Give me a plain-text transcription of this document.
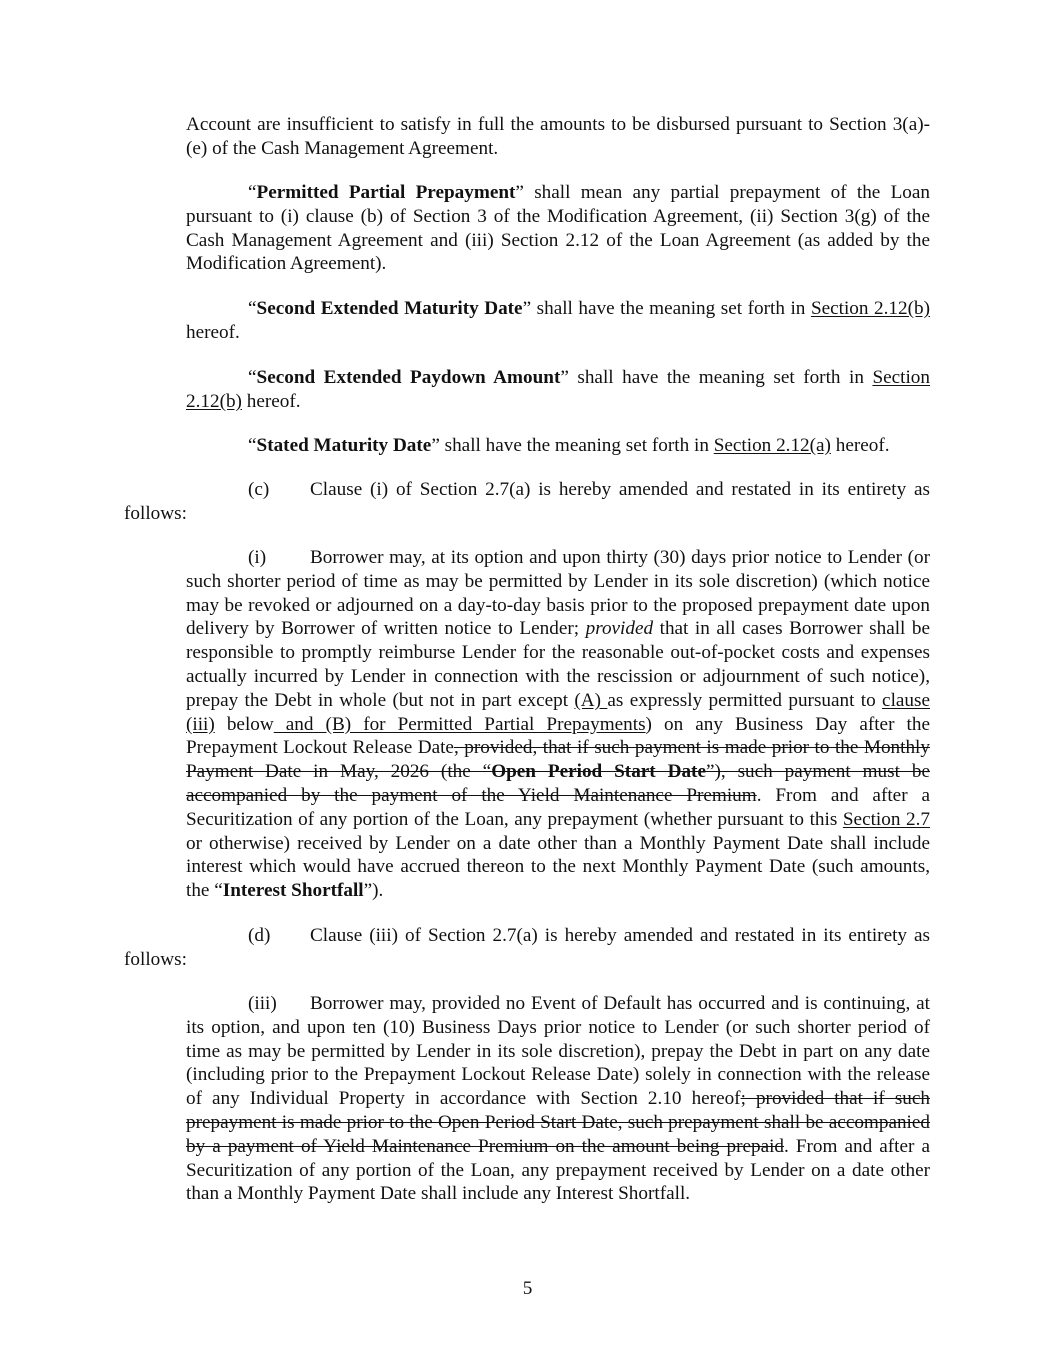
Account are insufficient to satisfy in full the amounts to be disbursed pursuant to Section 3(a)-(e) of the Cash Management Agreement.
“Permitted Partial Prepayment” shall mean any partial prepayment of the Loan pursuant to (i) clause (b) of Section 3 of the Modification Agreement, (ii) Section 3(g) of the Cash Management Agreement and (iii) Section 2.12 of the Loan Agreement (as added by the Modification Agreement).
“Second Extended Maturity Date” shall have the meaning set forth in Section 2.12(b) hereof.
“Second Extended Paydown Amount” shall have the meaning set forth in Section 2.12(b) hereof.
“Stated Maturity Date” shall have the meaning set forth in Section 2.12(a) hereof.
(c) Clause (i) of Section 2.7(a) is hereby amended and restated in its entirety as follows:
(i) Borrower may, at its option and upon thirty (30) days prior notice to Lender (or such shorter period of time as may be permitted by Lender in its sole discretion) (which notice may be revoked or adjourned on a day-to-day basis prior to the proposed prepayment date upon delivery by Borrower of written notice to Lender; provided that in all cases Borrower shall be responsible to promptly reimburse Lender for the reasonable out-of-pocket costs and expenses actually incurred by Lender in connection with the rescission or adjournment of such notice), prepay the Debt in whole (but not in part except (A) as expressly permitted pursuant to clause (iii) below and (B) for Permitted Partial Prepayments) on any Business Day after the Prepayment Lockout Release Date, provided, that if such payment is made prior to the Monthly Payment Date in May, 2026 (the “Open Period Start Date”), such payment must be accompanied by the payment of the Yield Maintenance Premium. From and after a Securitization of any portion of the Loan, any prepayment (whether pursuant to this Section 2.7 or otherwise) received by Lender on a date other than a Monthly Payment Date shall include interest which would have accrued thereon to the next Monthly Payment Date (such amounts, the “Interest Shortfall”).
(d) Clause (iii) of Section 2.7(a) is hereby amended and restated in its entirety as follows:
(iii) Borrower may, provided no Event of Default has occurred and is continuing, at its option, and upon ten (10) Business Days prior notice to Lender (or such shorter period of time as may be permitted by Lender in its sole discretion), prepay the Debt in part on any date (including prior to the Prepayment Lockout Release Date) solely in connection with the release of any Individual Property in accordance with Section 2.10 hereof; provided that if such prepayment is made prior to the Open Period Start Date, such prepayment shall be accompanied by a payment of Yield Maintenance Premium on the amount being prepaid. From and after a Securitization of any portion of the Loan, any prepayment received by Lender on a date other than a Monthly Payment Date shall include any Interest Shortfall.
5
